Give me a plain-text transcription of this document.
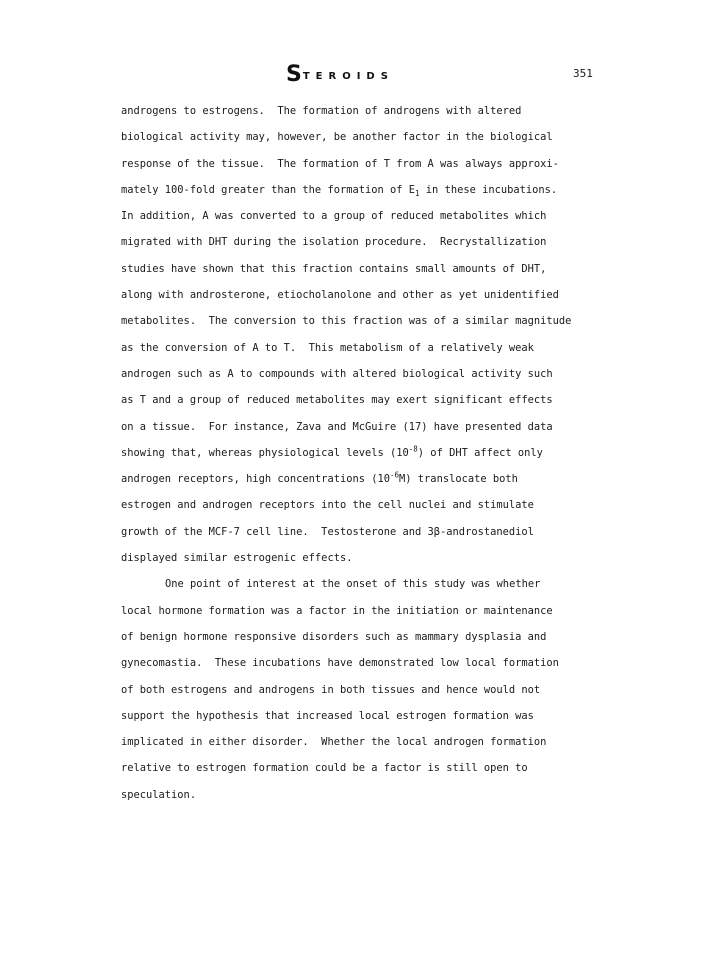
STEROIDS	351

androgens to estrogens.  The formation of androgens with altered

biological activity may, however, be another factor in the biological

response of the tissue.  The formation of T from A was always approxi-

mately 100-fold greater than the formation of $E_1$ in these incubations.

In addition, A was converted to a group of reduced metabolites which

migrated with DHT during the isolation procedure.  Recrystallization

studies have shown that this fraction contains small amounts of DHT,

along with androsterone, etiocholanolone and other as yet unidentified

metabolites.  The conversion to this fraction was of a similar magnitude

as the conversion of A to T.  This metabolism of a relatively weak

androgen such as A to compounds with altered biological activity such

as T and a group of reduced metabolites may exert significant effects

on a tissue.  For instance, Zava and McGuire (17) have presented data

showing that, whereas physiological levels $(10^{-8})$ of DHT affect only

androgen receptors, high concentrations $(10^{-6}M)$ translocate both

estrogen and androgen receptors into the cell nuclei and stimulate

growth of the MCF-7 cell line.  Testosterone and 3β-androstanediol

displayed similar estrogenic effects.

One point of interest at the onset of this study was whether

local hormone formation was a factor in the initiation or maintenance

of benign hormone responsive disorders such as mammary dysplasia and

gynecomastia.  These incubations have demonstrated low local formation

of both estrogens and androgens in both tissues and hence would not

support the hypothesis that increased local estrogen formation was

implicated in either disorder.  Whether the local androgen formation

relative to estrogen formation could be a factor is still open to

speculation.
